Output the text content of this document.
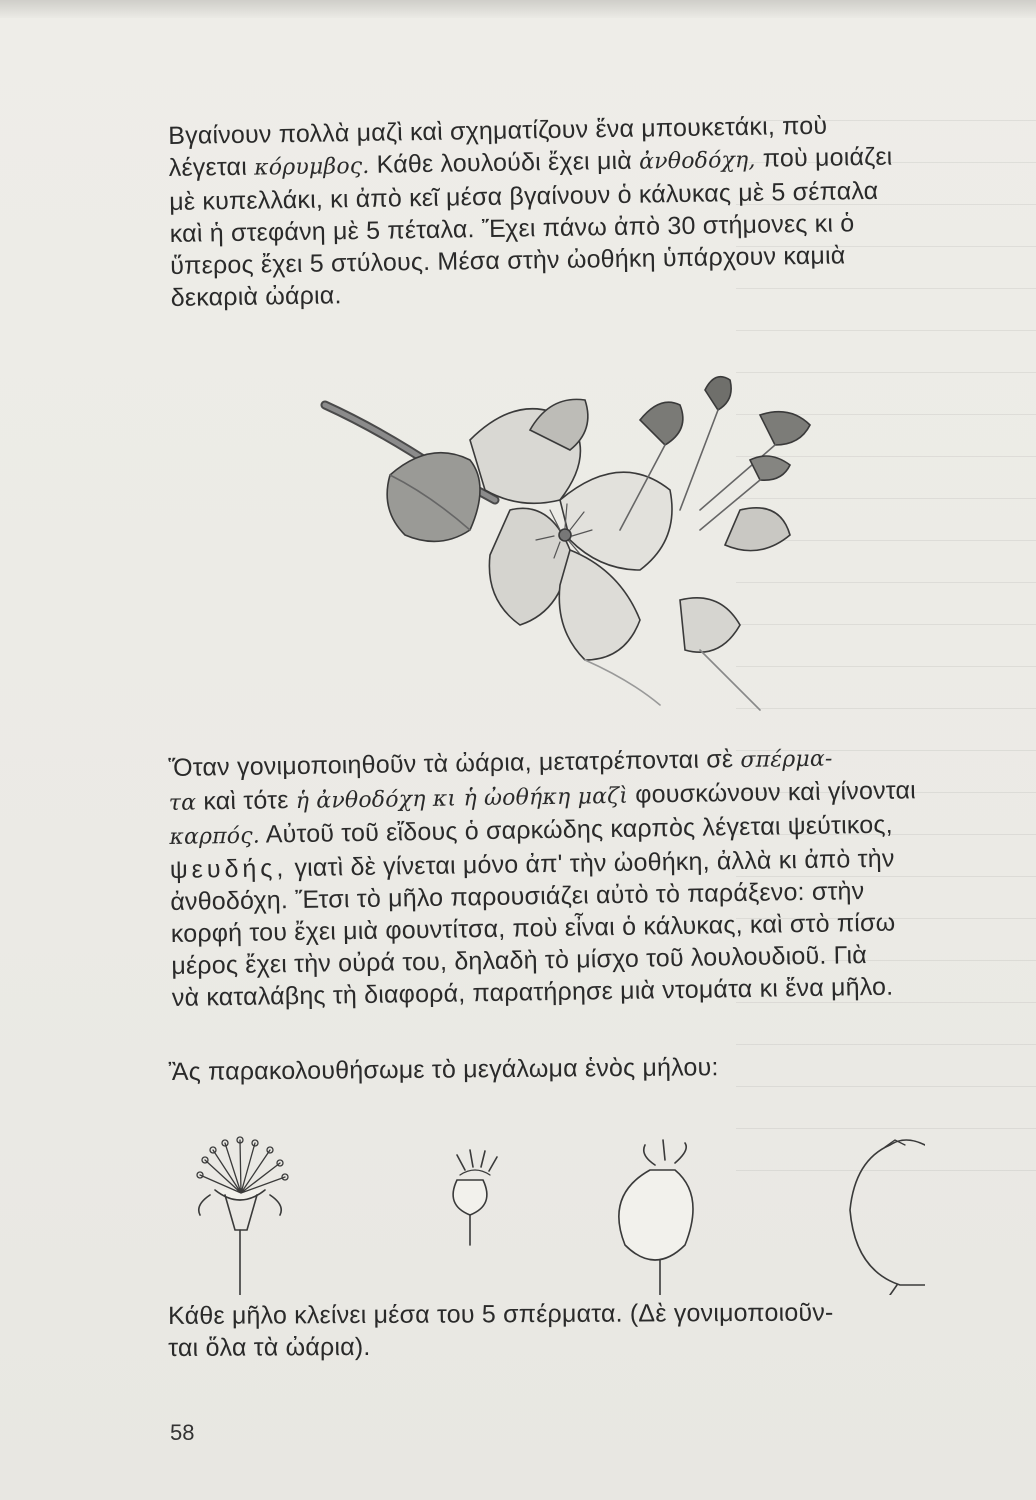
Βγαίνουν πολλὰ μαζὶ καὶ σχηματίζουν ἕνα μπουκετάκι, ποὺ

λέγεται κόρυμβος. Κάθε λουλούδι ἔχει μιὰ ἀνθοδόχη, ποὺ μοιάζει

μὲ κυπελλάκι, κι ἀπὸ κεῖ μέσα βγαίνουν ὁ κάλυκας μὲ 5 σέπαλα

καὶ ἡ στεφάνη μὲ 5 πέταλα. Ἔχει πάνω ἀπὸ 30 στήμονες κι ὁ

ὕπερος ἔχει 5 στύλους. Μέσα στὴν ὠοθήκη ὑπάρχουν καμιὰ

δεκαριὰ ὠάρια.

Ὅταν γονιμοποιηθοῦν τὰ ὠάρια, μετατρέπονται σὲ σπέρμα-

τα καὶ τότε ἡ ἀνθοδόχη κι ἡ ὠοθήκη μαζὶ φουσκώνουν καὶ γίνονται

καρπός. Αὐτοῦ τοῦ εἴδους ὁ σαρκώδης καρπὸς λέγεται ψεύτικος,

ψευδής, γιατὶ δὲ γίνεται μόνο ἀπ' τὴν ὠοθήκη, ἀλλὰ κι ἀπὸ τὴν

ἀνθοδόχη. Ἔτσι τὸ μῆλο παρουσιάζει αὐτὸ τὸ παράξενο: στὴν

κορφή του ἔχει μιὰ φουντίτσα, ποὺ εἶναι ὁ κάλυκας, καὶ στὸ πίσω

μέρος ἔχει τὴν οὐρά του, δηλαδὴ τὸ μίσχο τοῦ λουλουδιοῦ. Γιὰ

νὰ καταλάβης τὴ διαφορά, παρατήρησε μιὰ ντομάτα κι ἕνα μῆλο.

Ἂς παρακολουθήσωμε τὸ μεγάλωμα ἑνὸς μήλου:

Κάθε μῆλο κλείνει μέσα του 5 σπέρματα. (Δὲ γονιμοποιοῦν-

ται ὅλα τὰ ὠάρια).

58
